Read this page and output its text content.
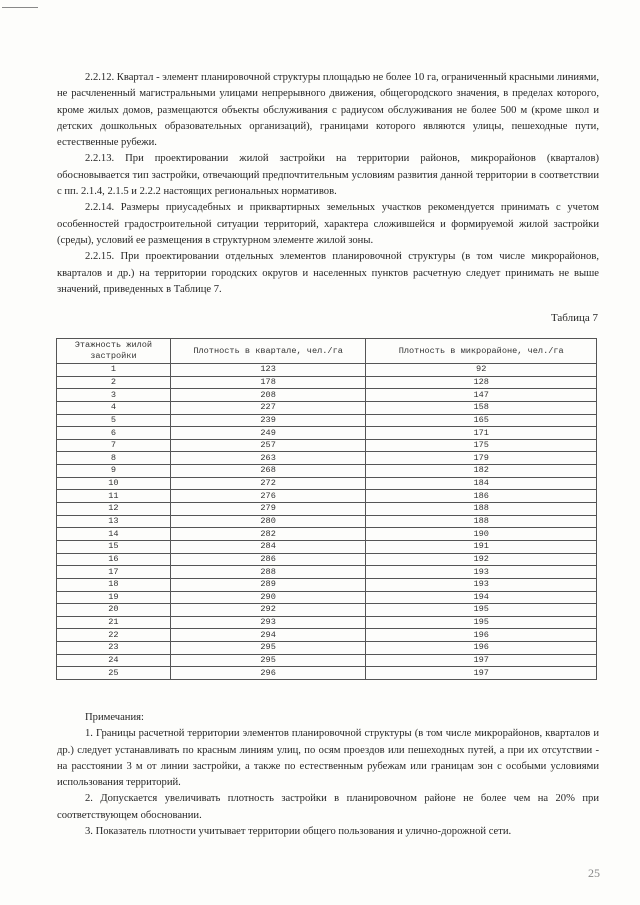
2.2.12. Квартал - элемент планировочной структуры площадью не более 10 га, ограниченный красными линиями, не расчлененный магистральными улицами непрерывного движения, общегородского значения, в пределах которого, кроме жилых домов, размещаются объекты обслуживания с радиусом обслуживания не более 500 м (кроме школ и детских дошкольных образовательных организаций), границами которого являются улицы, пешеходные пути, естественные рубежи.

2.2.13. При проектировании жилой застройки на территории районов, микрорайонов (кварталов) обосновывается тип застройки, отвечающий предпочтительным условиям развития данной территории в соответствии с пп. 2.1.4, 2.1.5 и 2.2.2 настоящих региональных нормативов.

2.2.14. Размеры приусадебных и приквартирных земельных участков рекомендуется принимать с учетом особенностей градостроительной ситуации территорий, характера сложившейся и формируемой жилой застройки (среды), условий ее размещения в структурном элементе жилой зоны.

2.2.15. При проектировании отдельных элементов планировочной структуры (в том числе микрорайонов, кварталов и др.) на территории городских округов и населенных пунктов расчетную следует принимать не выше значений, приведенных в Таблице 7.

Таблица 7
Этажность жилой застройки	Плотность в квартале, чел./га	Плотность в микрорайоне, чел./га
1	123	92
2	178	128
3	208	147
4	227	158
5	239	165
6	249	171
7	257	175
8	263	179
9	268	182
10	272	184
11	276	186
12	279	188
13	280	188
14	282	190
15	284	191
16	286	192
17	288	193
18	289	193
19	290	194
20	292	195
21	293	195
22	294	196
23	295	196
24	295	197
25	296	197

Примечания:

1. Границы расчетной территории элементов планировочной структуры (в том числе микрорайонов, кварталов и др.) следует устанавливать по красным линиям улиц, по осям проездов или пешеходных путей, а при их отсутствии - на расстоянии 3 м от линии застройки, а также по естественным рубежам или границам зон с особыми условиями использования территорий.

2. Допускается увеличивать плотность застройки в планировочном районе не более чем на 20% при соответствующем обосновании.

3. Показатель плотности учитывает территории общего пользования и улично-дорожной сети.

25
